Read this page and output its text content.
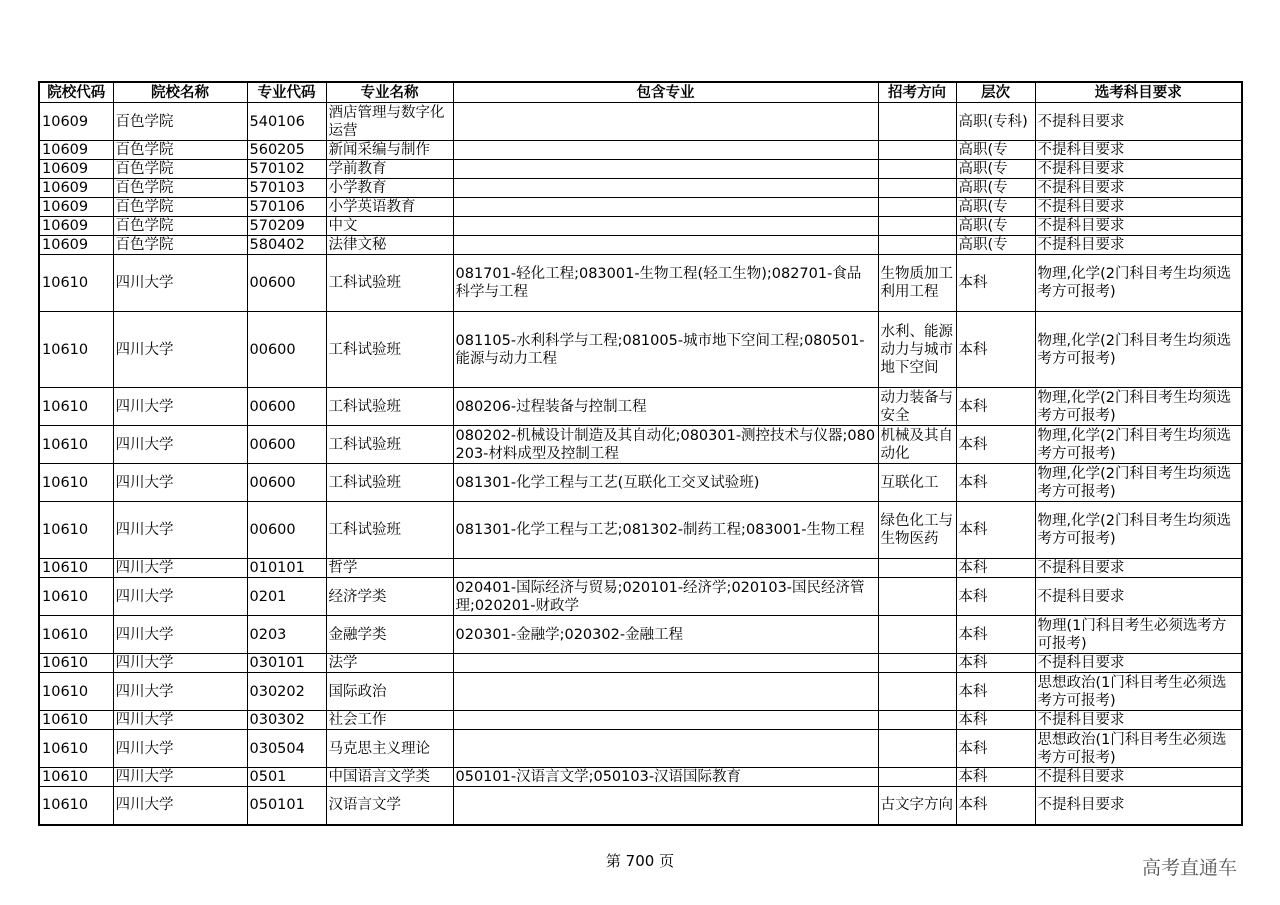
院校代码	院校名称	专业代码	专业名称	包含专业	招考方向	层次	选考科目要求
10609	百色学院	540106	酒店管理与数字化运营			高职(专科)	不提科目要求
10609	百色学院	560205	新闻采编与制作			高职(专	不提科目要求
10609	百色学院	570102	学前教育			高职(专	不提科目要求
10609	百色学院	570103	小学教育			高职(专	不提科目要求
10609	百色学院	570106	小学英语教育			高职(专	不提科目要求
10609	百色学院	570209	中文			高职(专	不提科目要求
10609	百色学院	580402	法律文秘			高职(专	不提科目要求
10610	四川大学	00600	工科试验班	081701-轻化工程;083001-生物工程(轻工生物);082701-食品科学与工程	生物质加工利用工程	本科	物理,化学(2门科目考生均须选考方可报考)
10610	四川大学	00600	工科试验班	081105-水利科学与工程;081005-城市地下空间工程;080501-能源与动力工程	水利、能源动力与城市地下空间	本科	物理,化学(2门科目考生均须选考方可报考)
10610	四川大学	00600	工科试验班	080206-过程装备与控制工程	动力装备与安全	本科	物理,化学(2门科目考生均须选考方可报考)
10610	四川大学	00600	工科试验班	080202-机械设计制造及其自动化;080301-测控技术与仪器;080203-材料成型及控制工程	机械及其自动化	本科	物理,化学(2门科目考生均须选考方可报考)
10610	四川大学	00600	工科试验班	081301-化学工程与工艺(互联化工交叉试验班)	互联化工	本科	物理,化学(2门科目考生均须选考方可报考)
10610	四川大学	00600	工科试验班	081301-化学工程与工艺;081302-制药工程;083001-生物工程	绿色化工与生物医药	本科	物理,化学(2门科目考生均须选考方可报考)
10610	四川大学	010101	哲学			本科	不提科目要求
10610	四川大学	0201	经济学类	020401-国际经济与贸易;020101-经济学;020103-国民经济管理;020201-财政学		本科	不提科目要求
10610	四川大学	0203	金融学类	020301-金融学;020302-金融工程		本科	物理(1门科目考生必须选考方可报考)
10610	四川大学	030101	法学			本科	不提科目要求
10610	四川大学	030202	国际政治			本科	思想政治(1门科目考生必须选考方可报考)
10610	四川大学	030302	社会工作			本科	不提科目要求
10610	四川大学	030504	马克思主义理论			本科	思想政治(1门科目考生必须选考方可报考)
10610	四川大学	0501	中国语言文学类	050101-汉语言文学;050103-汉语国际教育		本科	不提科目要求
10610	四川大学	050101	汉语言文学		古文字方向	本科	不提科目要求
第 700 页	高考直通车
